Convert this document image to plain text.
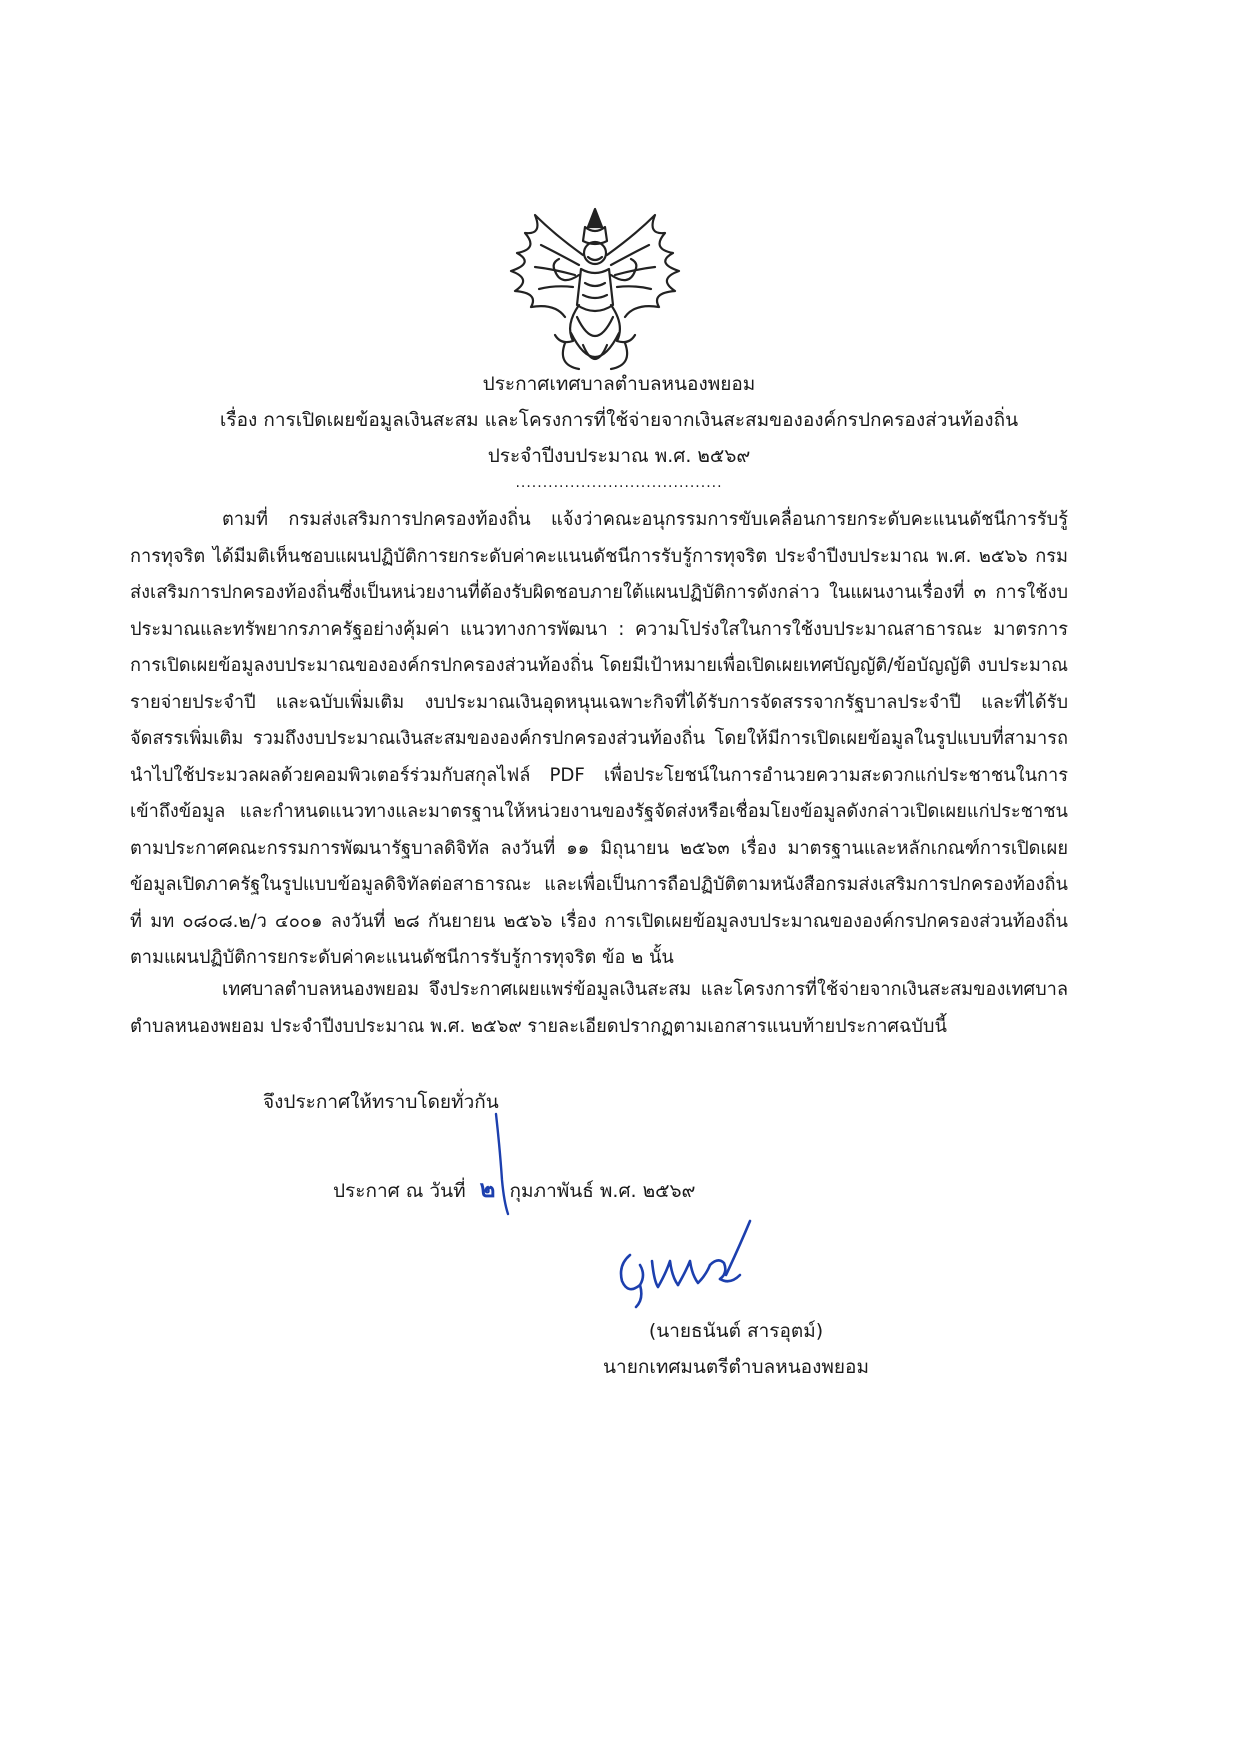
ประกาศเทศบาลตำบลหนองพยอม
เรื่อง การเปิดเผยข้อมูลเงินสะสม และโครงการที่ใช้จ่ายจากเงินสะสมขององค์กรปกครองส่วนท้องถิ่น
ประจำปีงบประมาณ พ.ศ. ๒๕๖๙
......................................

ตามที่ กรมส่งเสริมการปกครองท้องถิ่น แจ้งว่าคณะอนุกรรมการขับเคลื่อนการยกระดับคะแนนดัชนีการรับรู้การทุจริต ได้มีมติเห็นชอบแผนปฏิบัติการยกระดับค่าคะแนนดัชนีการรับรู้การทุจริต ประจำปีงบประมาณ พ.ศ. ๒๕๖๖ กรมส่งเสริมการปกครองท้องถิ่นซึ่งเป็นหน่วยงานที่ต้องรับผิดชอบภายใต้แผนปฏิบัติการดังกล่าว ในแผนงานเรื่องที่ ๓ การใช้งบประมาณและทรัพยากรภาครัฐอย่างคุ้มค่า แนวทางการพัฒนา : ความโปร่งใสในการใช้งบประมาณสาธารณะ มาตรการการเปิดเผยข้อมูลงบประมาณขององค์กรปกครองส่วนท้องถิ่น โดยมีเป้าหมายเพื่อเปิดเผยเทศบัญญัติ/ข้อบัญญัติ งบประมาณรายจ่ายประจำปี และฉบับเพิ่มเติม งบประมาณเงินอุดหนุนเฉพาะกิจที่ได้รับการจัดสรรจากรัฐบาลประจำปี และที่ได้รับจัดสรรเพิ่มเติม รวมถึงงบประมาณเงินสะสมขององค์กรปกครองส่วนท้องถิ่น โดยให้มีการเปิดเผยข้อมูลในรูปแบบที่สามารถนำไปใช้ประมวลผลด้วยคอมพิวเตอร์ร่วมกับสกุลไฟล์ PDF เพื่อประโยชน์ในการอำนวยความสะดวกแก่ประชาชนในการเข้าถึงข้อมูล และกำหนดแนวทางและมาตรฐานให้หน่วยงานของรัฐจัดส่งหรือเชื่อมโยงข้อมูลดังกล่าวเปิดเผยแก่ประชาชน ตามประกาศคณะกรรมการพัฒนารัฐบาลดิจิทัล ลงวันที่ ๑๑ มิถุนายน ๒๕๖๓ เรื่อง มาตรฐานและหลักเกณฑ์การเปิดเผยข้อมูลเปิดภาครัฐในรูปแบบข้อมูลดิจิทัลต่อสาธารณะ และเพื่อเป็นการถือปฏิบัติตามหนังสือกรมส่งเสริมการปกครองท้องถิ่น ที่ มท ๐๘๐๘.๒/ว ๔๐๐๑ ลงวันที่ ๒๘ กันยายน ๒๕๖๖ เรื่อง การเปิดเผยข้อมูลงบประมาณขององค์กรปกครองส่วนท้องถิ่นตามแผนปฏิบัติการยกระดับค่าคะแนนดัชนีการรับรู้การทุจริต ข้อ ๒ นั้น

เทศบาลตำบลหนองพยอม จึงประกาศเผยแพร่ข้อมูลเงินสะสม และโครงการที่ใช้จ่ายจากเงินสะสมของเทศบาลตำบลหนองพยอม ประจำปีงบประมาณ พ.ศ. ๒๕๖๙ รายละเอียดปรากฏตามเอกสารแนบท้ายประกาศฉบับนี้

จึงประกาศให้ทราบโดยทั่วกัน
ประกาศ ณ วันที่ ๒ กุมภาพันธ์ พ.ศ. ๒๕๖๙
(นายธนันต์ สารอุตม์)
นายกเทศมนตรีตำบลหนองพยอม
